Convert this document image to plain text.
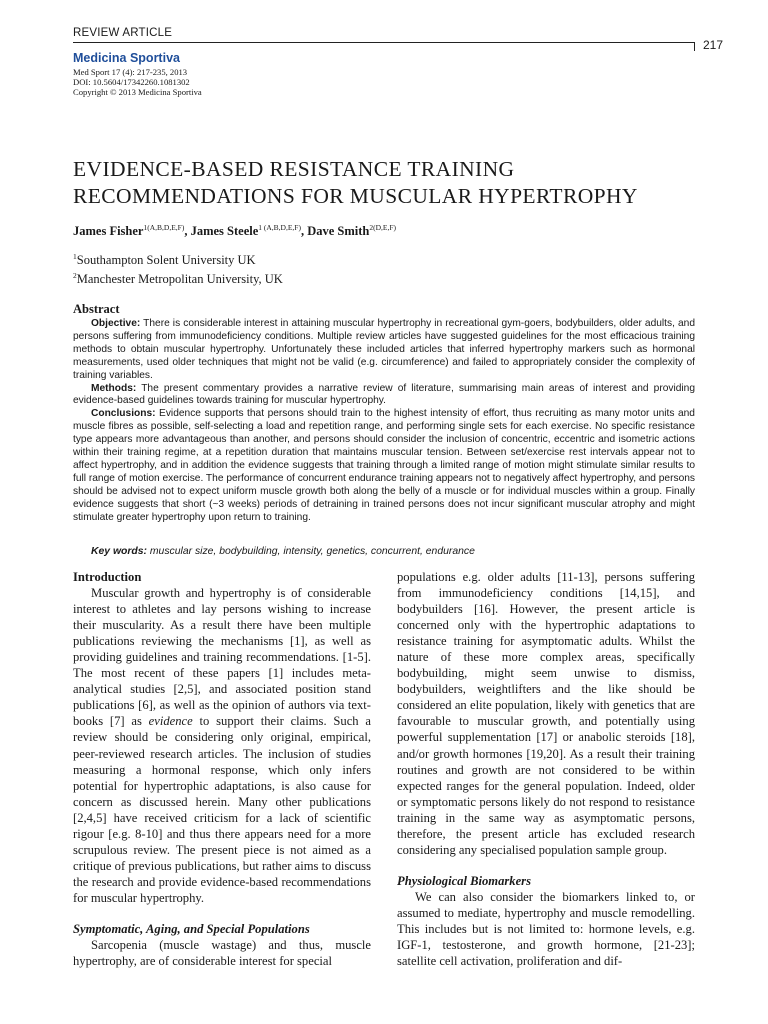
REVIEW ARTICLE
217
Medicina Sportiva
Med Sport 17 (4): 217-235, 2013
DOI: 10.5604/17342260.1081302
Copyright © 2013 Medicina Sportiva
EVIDENCE-BASED RESISTANCE TRAINING
RECOMMENDATIONS FOR MUSCULAR HYPERTROPHY
James Fisher$^{1(A,B,D,E,F)}$, James Steele$^{1 (A,B,D,E,F)}$, Dave Smith$^{2(D,E,F)}$
$^1$Southampton Solent University UK
$^2$Manchester Metropolitan University, UK
Abstract

Objective: There is considerable interest in attaining muscular hypertrophy in recreational gym-goers, bodybuilders, older adults, and persons suffering from immunodeficiency conditions. Multiple review articles have suggested guidelines for the most efficacious training methods to obtain muscular hypertrophy. Unfortunately these included articles that inferred hypertrophy markers such as hormonal measurements, used older techniques that might not be valid (e.g. circumference) and failed to appropriately consider the complexity of training variables.

Methods: The present commentary provides a narrative review of literature, summarising main areas of interest and providing evidence-based guidelines towards training for muscular hypertrophy.

Conclusions: Evidence supports that persons should train to the highest intensity of effort, thus recruiting as many motor units and muscle fibres as possible, self-selecting a load and repetition range, and performing single sets for each exercise. No specific resistance type appears more advantageous than another, and persons should consider the inclusion of concentric, eccentric and isometric actions within their training regime, at a repetition duration that maintains muscular tension. Between set/exercise rest intervals appear not to affect hypertrophy, and in addition the evidence suggests that training through a limited range of motion might stimulate similar results to full range of motion exercise. The performance of concurrent endurance training appears not to negatively affect hypertrophy, and persons should be advised not to expect uniform muscle growth both along the belly of a muscle or for individual muscles within a group. Finally evidence suggests that short (~3 weeks) periods of detraining in trained persons does not incur significant muscular atrophy and might stimulate greater hypertrophy upon return to training.

Key words: muscular size, bodybuilding, intensity, genetics, concurrent, endurance
Introduction

Muscular growth and hypertrophy is of considerable interest to athletes and lay persons wishing to increase their muscularity. As a result there have been multiple publications reviewing the mechanisms [1], as well as providing guidelines and training recommendations. [1-5]. The most recent of these papers [1] includes meta-analytical studies [2,5], and associated position stand publications [6], as well as the opinion of authors via text-books [7] as evidence to support their claims. Such a review should be considering only original, empirical, peer-reviewed research articles. The inclusion of studies measuring a hormonal response, which only infers potential for hypertrophic adaptations, is also cause for concern as discussed herein. Many other publications [2,4,5] have received criticism for a lack of scientific rigour [e.g. 8-10] and thus there appears need for a more scrupulous review. The present piece is not aimed as a critique of previous publications, but rather aims to discuss the research and provide evidence-based recommendations for muscular hypertrophy.

Symptomatic, Aging, and Special Populations

Sarcopenia (muscle wastage) and thus, muscle hypertrophy, are of considerable interest for special

populations e.g. older adults [11-13], persons suffering from immunodeficiency conditions [14,15], and bodybuilders [16]. However, the present article is concerned only with the hypertrophic adaptations to resistance training for asymptomatic adults. Whilst the nature of these more complex areas, specifically bodybuilding, might seem unwise to dismiss, bodybuilders, weightlifters and the like should be considered an elite population, likely with genetics that are favourable to muscular growth, and potentially using powerful supplementation [17] or anabolic steroids [18], and/or growth hormones [19,20]. As a result their training routines and growth are not considered to be within expected ranges for the general population. Indeed, older or symptomatic persons likely do not respond to resistance training in the same way as asymptomatic persons, therefore, the present article has excluded research considering any specialised population sample group.

Physiological Biomarkers

We can also consider the biomarkers linked to, or assumed to mediate, hypertrophy and muscle remodelling. This includes but is not limited to: hormone levels, e.g. IGF-1, testosterone, and growth hormone, [21-23]; satellite cell activation, proliferation and dif-
